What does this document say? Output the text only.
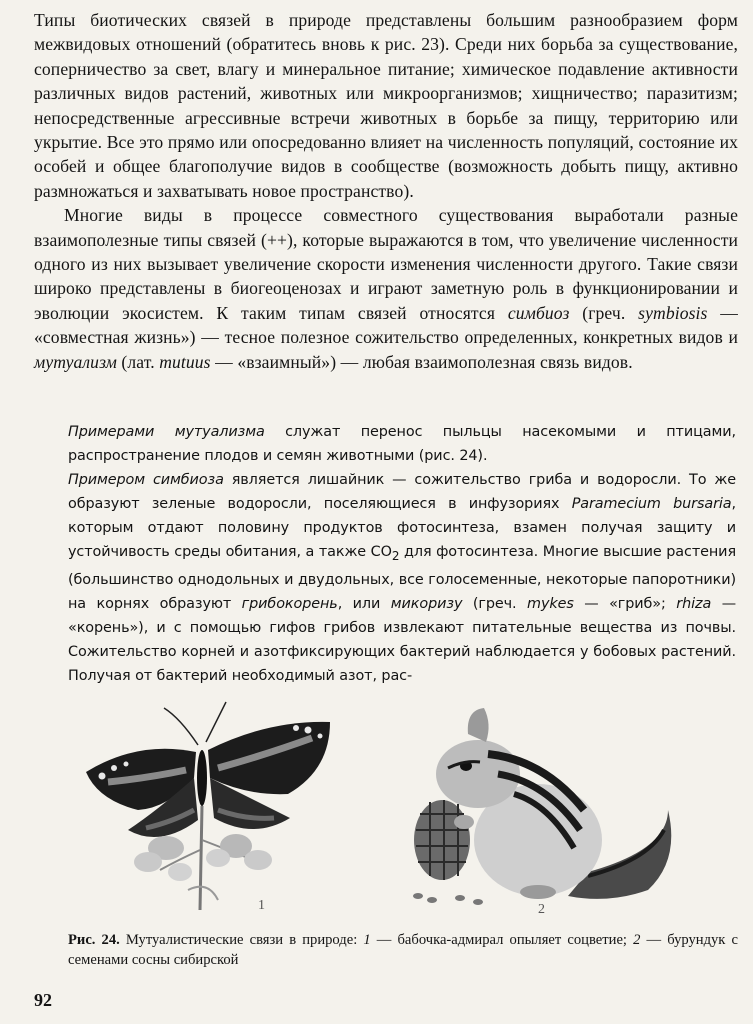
Типы биотических связей в природе представлены большим разнообразием форм межвидовых отношений (обратитесь вновь к рис. 23). Среди них борьба за существование, соперничество за свет, влагу и минеральное питание; химическое подавление активности различных видов растений, животных или микроорганизмов; хищничество; паразитизм; непосредственные агрессивные встречи животных в борьбе за пищу, территорию или укрытие. Все это прямо или опосредованно влияет на численность популяций, состояние их особей и общее благополучие видов в сообществе (возможность добыть пищу, активно размножаться и захватывать новое пространство).

Многие виды в процессе совместного существования выработали разные взаимополезные типы связей (++), которые выражаются в том, что увеличение численности одного из них вызывает увеличение скорости изменения численности другого. Такие связи широко представлены в биогеоценозах и играют заметную роль в функционировании и эволюции экосистем. К таким типам связей относятся симбиоз (греч. symbiosis — «совместная жизнь») — тесное полезное сожительство определенных, конкретных видов и мутуализм (лат. mutuus — «взаимный») — любая взаимополезная связь видов.

Примерами мутуализма служат перенос пыльцы насекомыми и птицами, распространение плодов и семян животными (рис. 24).

Примером симбиоза является лишайник — сожительство гриба и водоросли. То же образуют зеленые водоросли, поселяющиеся в инфузориях Paramecium bursaria, которым отдают половину продуктов фотосинтеза, взамен получая защиту и устойчивость среды обитания, а также $CO_2$ для фотосинтеза. Многие высшие растения (большинство однодольных и двудольных, все голосеменные, некоторые папоротники) на корнях образуют грибокорень, или микоризу (греч. mykes — «гриб»; rhiza — «корень»), и с помощью гифов грибов извлекают питательные вещества из почвы. Сожительство корней и азотфиксирующих бактерий наблюдается у бобовых растений. Получая от бактерий необходимый азот, рас-

1	2
Рис. 24. Мутуалистические связи в природе: 1 — бабочка-адмирал опыляет соцветие; 2 — бурундук с семенами сосны сибирской
92
